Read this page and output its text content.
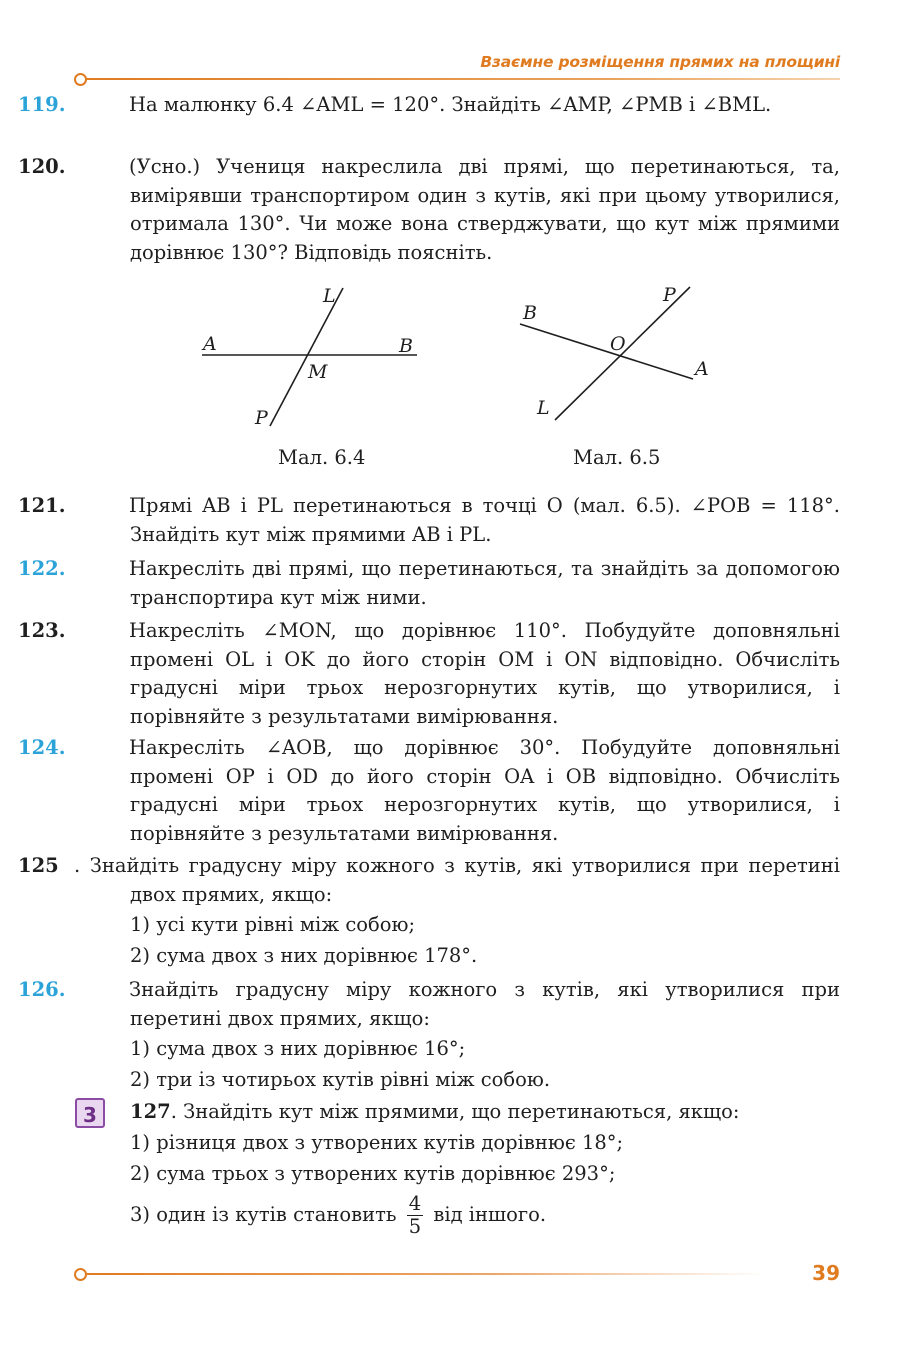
Взаємне розміщення прямих на площині
119.	На малюнку 6.4 ∠AML = 120°. Знайдіть ∠AMP, ∠PMB і ∠BML.
120.	(Усно.) Учениця накреслила дві прямі, що перетинаються, та, вимірявши транспортиром один з кутів, які при цьому утворилися, отримала 130°. Чи може вона стверджувати, що кут між прямими дорівнює 130°? Відповідь поясніть.
L
A	B
M
P
Мал. 6.4
P
B
O
A
L
Мал. 6.5
121.	Прямі AB і PL перетинаються в точці O (мал. 6.5). ∠POB = 118°. Знайдіть кут між прямими AB і PL.
122.	Накресліть дві прямі, що перетинаються, та знайдіть за допомогою транспортира кут між ними.
123.	Накресліть ∠MON, що дорівнює 110°. Побудуйте доповняльні промені OL і OK до його сторін OM і ON відповідно. Обчисліть градусні міри трьох нерозгорнутих кутів, що утворилися, і порівняйте з результатами вимірювання.
124.	Накресліть ∠AOB, що дорівнює 30°. Побудуйте доповняльні промені OP і OD до його сторін OA і OB відповідно. Обчисліть градусні міри трьох нерозгорнутих кутів, що утворилися, і порівняйте з результатами вимірювання.
125 . Знайдіть градусну міру кожного з кутів, які утворилися при перетині двох прямих, якщо:
1) усі кути рівні між собою;
2) сума двох з них дорівнює 178°.
126.	Знайдіть градусну міру кожного з кутів, які утворилися при перетині двох прямих, якщо:
1) сума двох з них дорівнює 16°;
2) три із чотирьох кутів рівні між собою.
3	127. Знайдіть кут між прямими, що перетинаються, якщо:
1) різниця двох з утворених кутів дорівнює 18°;
2) сума трьох з утворених кутів дорівнює 293°;
3) один із кутів становить $\frac{4}{5}$ від іншого.
39
